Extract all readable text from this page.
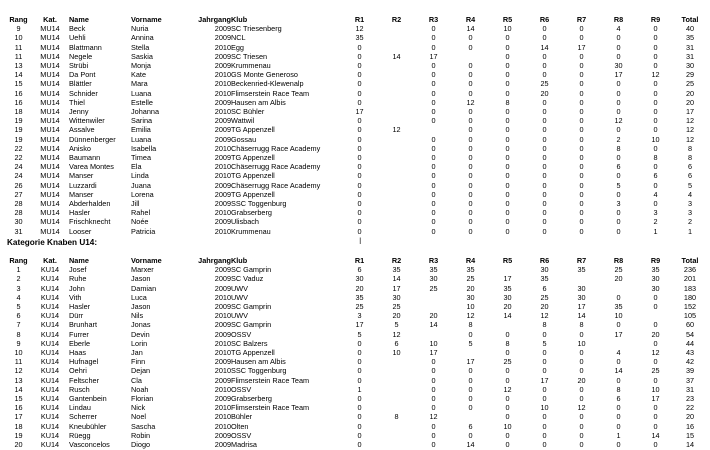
Rang	Kat.	Name	Vorname	Jahrgang	Klub	R1	R2	R3	R4	R5	R6	R7	R8	R9	Total
9	MU14	Beck	Nuria	2009	SC Triesenberg	12		0	14	10	0	0	4	0	40
10	MU14	Uehli	Annina	2009	NCL	35		0	0	0	0	0	0	0	35
11	MU14	Blattmann	Stella	2010	Egg	0		0	0	0	14	17	0	0	31
11	MU14	Negele	Saskia	2009	SC Triesen	0	14	17		0	0	0	0	0	31
13	MU14	Strübi	Monja	2009	Krummenau	0		0	0	0	0	0	30	0	30
14	MU14	Da Pont	Kate	2010	GS Monte Generoso	0		0	0	0	0	0	17	12	29
15	MU14	Blättler	Mara	2010	Beckenried-Klewenalp	0		0	0	0	25	0	0	0	25
16	MU14	Schnider	Luana	2010	Flimserstein Race Team	0		0	0	0	20	0	0	0	20
16	MU14	Thiel	Estelle	2009	Hausen am Albis	0		0	12	8	0	0	0	0	20
18	MU14	Jenny	Johanna	2010	SC Bühler	17		0	0	0	0	0	0	0	17
19	MU14	Wittenwiler	Sarina	2009	Wattwil	0		0	0	0	0	0	12	0	12
19	MU14	Assalve	Emilia	2009	TG Appenzell	0	12		0	0	0	0	0	0	12
19	MU14	Dünnenberger	Luana	2009	Gossau	0		0	0	0	0	0	2	10	12
22	MU14	Anisko	Isabella	2010	Chäserrugg Race Academy	0		0	0	0	0	0	8	0	8
22	MU14	Baumann	Timea	2009	TG Appenzell	0		0	0	0	0	0	0	8	8
24	MU14	Varea Montes	Ela	2010	Chäserrugg Race Academy	0		0	0	0	0	0	6	0	6
24	MU14	Manser	Linda	2010	TG Appenzell	0		0	0	0	0	0	0	6	6
26	MU14	Luzzardi	Juana	2009	Chäserrugg Race Academy	0		0	0	0	0	0	5	0	5
27	MU14	Manser	Lorena	2009	TG Appenzell	0		0	0	0	0	0	0	4	4
28	MU14	Abderhalden	Jill	2009	SSC Toggenburg	0		0	0	0	0	0	3	0	3
28	MU14	Hasler	Rahel	2010	Grabserberg	0		0	0	0	0	0	0	3	3
30	MU14	Frischknecht	Noée	2009	Ulisbach	0		0	0	0	0	0	0	2	2
31	MU14	Looser	Patricia	2010	Krummenau	0		0	0	0	0	0	0	1	1
Kategorie Knaben U14:	I
Rang	Kat.	Name	Vorname	Jahrgang	Klub	R1	R2	R3	R4	R5	R6	R7	R8	R9	Total
1	KU14	Josef	Marxer	2009	SC Gamprin	6	35	35	35		30	35	25	35	236
2	KU14	Ruhe	Jason	2009	SC Vaduz	30	14	30	25	17	35		20	30	201
3	KU14	John	Damian	2009	UWV	20	17	25	20	35	6	30		30	183
4	KU14	Vith	Luca	2010	UWV	35	30		30	30	25	30	0	0	180
5	KU14	Hasler	Jason	2009	SC Gamprin	25	25		10	20	20	17	35	0	152
6	KU14	Dürr	Nils	2010	UWV	3	20	20	12	14	12	14	10		105
7	KU14	Brunhart	Jonas	2009	SC Gamprin	17	5	14	8		8	8	0	0	60
8	KU14	Furrer	Devin	2009	OSSV	5	12		0	0	0	0	17	20	54
9	KU14	Eberle	Lorin	2010	SC Balzers	0	6	10	5	8	5	10		0	44
10	KU14	Haas	Jan	2010	TG Appenzell	0	10	17		0	0	0	4	12	43
11	KU14	Hufnagel	Finn	2009	Hausen am Albis	0		0	17	25	0	0	0	0	42
12	KU14	Oehri	Dejan	2010	SSC Toggenburg	0		0	0	0	0	0	14	25	39
13	KU14	Feltscher	Cla	2009	Flimserstein Race Team	0		0	0	0	17	20	0	0	37
14	KU14	Rusch	Noah	2010	OSSV	1		0	0	12	0	0	8	10	31
15	KU14	Gantenbein	Florian	2009	Grabserberg	0		0	0	0	0	0	6	17	23
16	KU14	Lindau	Nick	2010	Flimserstein Race Team	0		0	0	0	10	12	0	0	22
17	KU14	Scherrer	Noel	2010	Bühler	0	8	12		0	0	0	0	0	20
18	KU14	Kneubühler	Sascha	2010	Olten	0		0	6	10	0	0	0	0	16
19	KU14	Rüegg	Robin	2009	OSSV	0		0	0	0	0	0	1	14	15
20	KU14	Vasconcelos	Diogo	2009	Madrisa	0		0	14	0	0	0	0	0	14
